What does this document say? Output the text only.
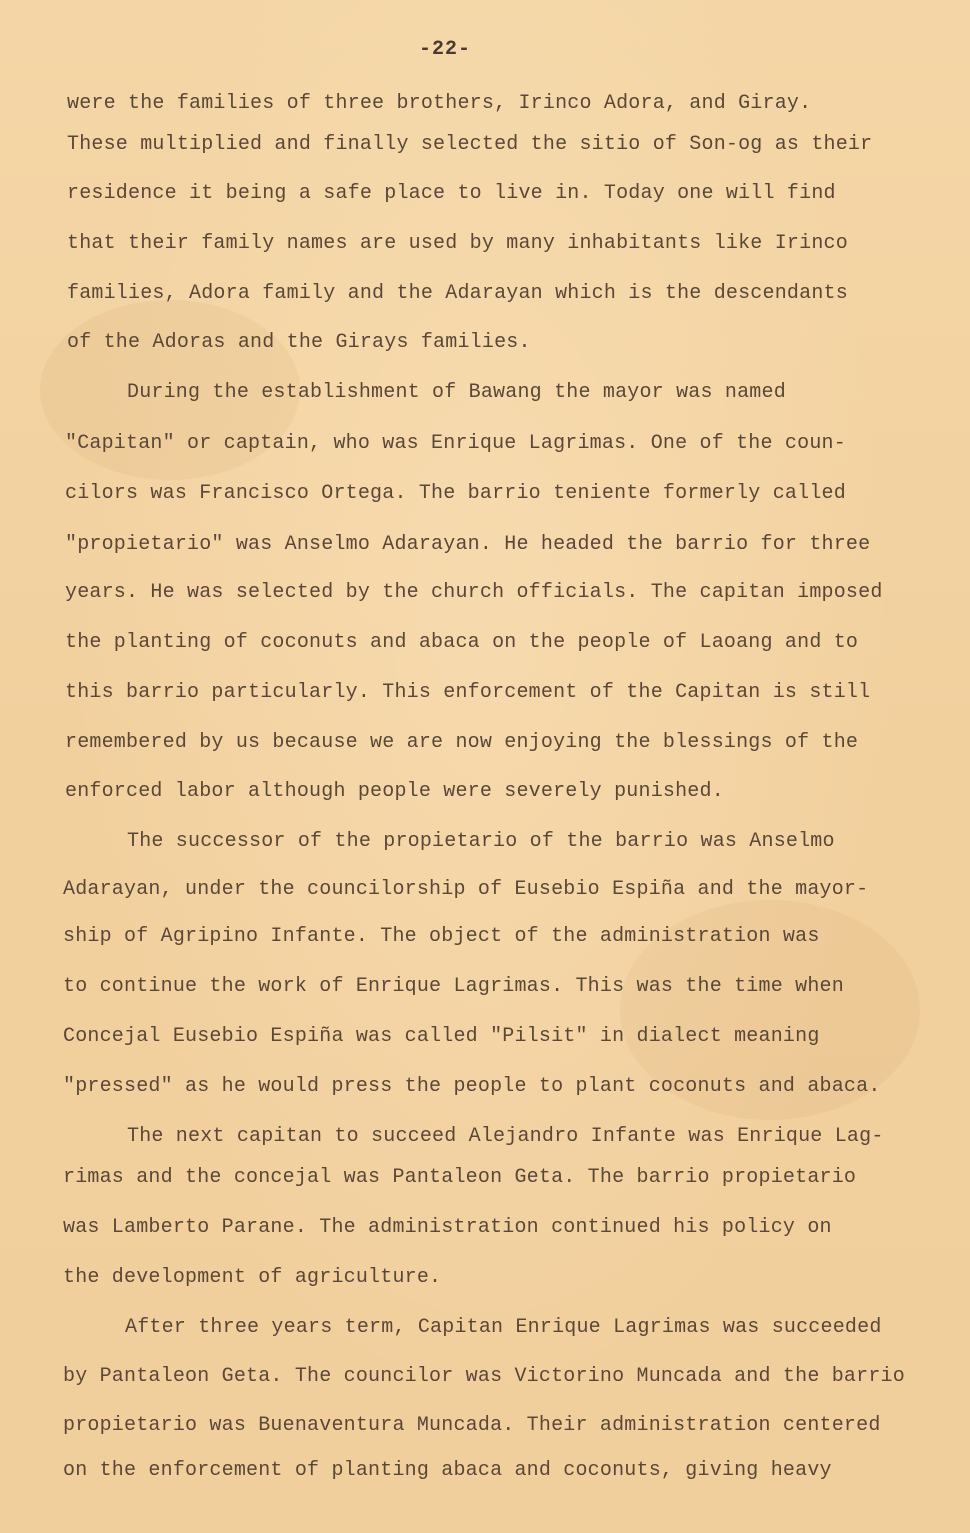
-22-
were the families of three brothers, Irinco Adora, and Giray.
These multiplied and finally selected the sitio of Son-og as their
residence it being a safe place to live in. Today one will find
that their family names are used by many inhabitants like Irinco
families, Adora family and the Adarayan which is the descendants
of the Adoras and the Girays families.
During the establishment of Bawang the mayor was named
"Capitan" or captain, who was Enrique Lagrimas. One of the coun-
cilors was Francisco Ortega. The barrio teniente formerly called
"propietario" was Anselmo Adarayan. He headed the barrio for three
years. He was selected by the church officials. The capitan imposed
the planting of coconuts and abaca on the people of Laoang and to
this barrio particularly. This enforcement of the Capitan is still
remembered by us because we are now enjoying the blessings of the
enforced labor although people were severely punished.
The successor of the propietario of the barrio was Anselmo
Adarayan, under the councilorship of Eusebio Espiña and the mayor-
ship of Agripino Infante. The object of the administration was
to continue the work of Enrique Lagrimas. This was the time when
Concejal Eusebio Espiña was called "Pilsit" in dialect meaning
"pressed" as he would press the people to plant coconuts and abaca.
The next capitan to succeed Alejandro Infante was Enrique Lag-
rimas and the concejal was Pantaleon Geta. The barrio propietario
was Lamberto Parane. The administration continued his policy on
the development of agriculture.
After three years term, Capitan Enrique Lagrimas was succeeded
by Pantaleon Geta. The councilor was Victorino Muncada and the barrio
propietario was Buenaventura Muncada. Their administration centered
on the enforcement of planting abaca and coconuts, giving heavy
